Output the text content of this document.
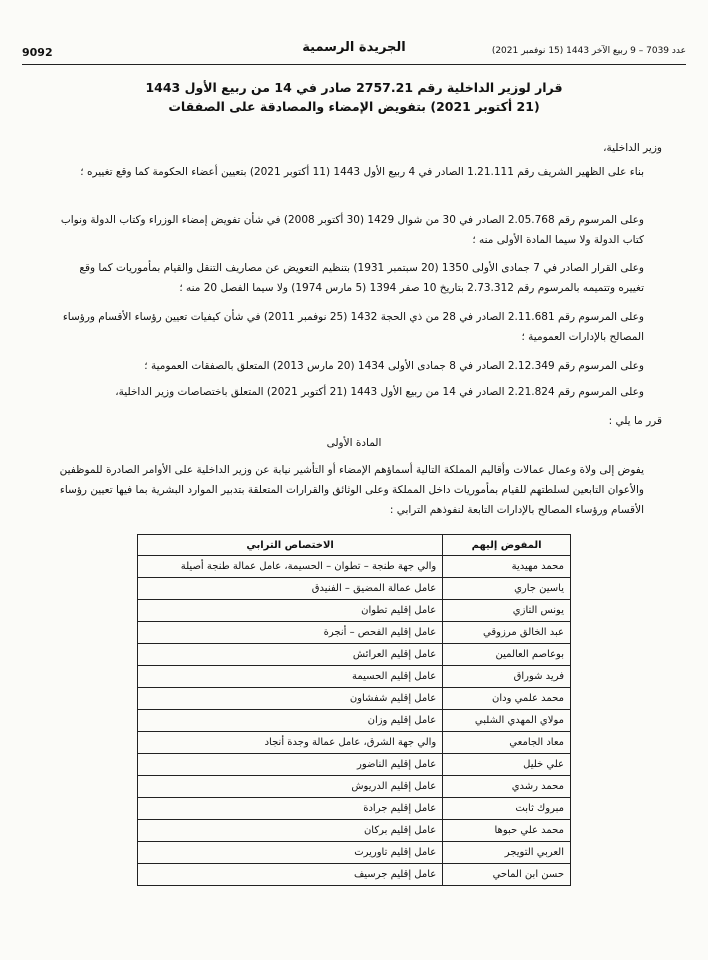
9092	الجريدة الرسمية	عدد 7039 – 9 ربيع الآخر 1443 (15 نوفمبر 2021)
قرار لوزير الداخلية رقم 2757.21 صادر في 14 من ربيع الأول 1443
(21 أكتوبر 2021) بتفويض الإمضاء والمصادقة على الصفقات

وزير الداخلية،

بناء على الظهير الشريف رقم 1.21.111 الصادر في 4 ربيع الأول 1443 (11 أكتوبر 2021) بتعيين أعضاء الحكومة كما وقع تغييره ؛

وعلى المرسوم رقم 2.05.768 الصادر في 30 من شوال 1429 (30 أكتوبر 2008) في شأن تفويض إمضاء الوزراء وكتاب الدولة ونواب كتاب الدولة ولا سيما المادة الأولى منه ؛

وعلى القرار الصادر في 7 جمادى الأولى 1350 (20 سبتمبر 1931) بتنظيم التعويض عن مصاريف التنقل والقيام بمأموريات كما وقع تغييره وتتميمه بالمرسوم رقم 2.73.312 بتاريخ 10 صفر 1394 (5 مارس 1974) ولا سيما الفصل 20 منه ؛

وعلى المرسوم رقم 2.11.681 الصادر في 28 من ذي الحجة 1432 (25 نوفمبر 2011) في شأن كيفيات تعيين رؤساء الأقسام ورؤساء المصالح بالإدارات العمومية ؛

وعلى المرسوم رقم 2.12.349 الصادر في 8 جمادى الأولى 1434 (20 مارس 2013) المتعلق بالصفقات العمومية ؛

وعلى المرسوم رقم 2.21.824 الصادر في 14 من ربيع الأول 1443 (21 أكتوبر 2021) المتعلق باختصاصات وزير الداخلية،

قرر ما يلي :

المادة الأولى

يفوض إلى ولاة وعمال عمالات وأقاليم المملكة التالية أسماؤهم الإمضاء أو التأشير نيابة عن وزير الداخلية على الأوامر الصادرة للموظفين والأعوان التابعين لسلطتهم للقيام بمأموريات داخل المملكة وعلى الوثائق والقرارات المتعلقة بتدبير الموارد البشرية بما فيها تعيين رؤساء الأقسام ورؤساء المصالح بالإدارات التابعة لنفوذهم الترابي :

المفوض إليهم	الاختصاص الترابي
محمد مهيدية	والي جهة طنجة – تطوان – الحسيمة، عامل عمالة طنجة أصيلة
ياسين جاري	عامل عمالة المضيق – الفنيدق
يونس التازي	عامل إقليم تطوان
عبد الخالق مرزوقي	عامل إقليم الفحص – أنجرة
بوعاصم العالمين	عامل إقليم العرائش
فريد شوراق	عامل إقليم الحسيمة
محمد علمي ودان	عامل إقليم شفشاون
مولاي المهدي الشلبي	عامل إقليم وزان
معاد الجامعي	والي جهة الشرق، عامل عمالة وجدة أنجاد
علي خليل	عامل إقليم الناضور
محمد رشدي	عامل إقليم الدريوش
مبروك ثابت	عامل إقليم جرادة
محمد علي حبوها	عامل إقليم بركان
العربي التويجر	عامل إقليم تاوريرت
حسن ابن الماحي	عامل إقليم جرسيف
